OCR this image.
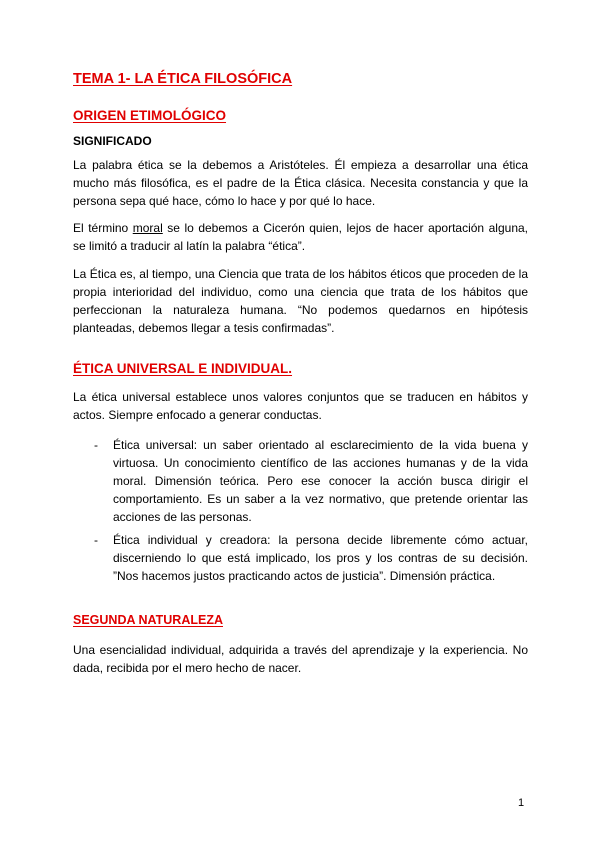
TEMA 1- LA ÉTICA FILOSÓFICA
ORIGEN ETIMOLÓGICO
SIGNIFICADO

La palabra ética se la debemos a Aristóteles. Él empieza a desarrollar una ética mucho más filosófica, es el padre de la Ética clásica. Necesita constancia y que la persona sepa qué hace, cómo lo hace y por qué lo hace.

El término moral se lo debemos a Cicerón quien, lejos de hacer aportación alguna, se limitó a traducir al latín la palabra “ética”.

La Ética es, al tiempo, una Ciencia que trata de los hábitos éticos que proceden de la propia interioridad del individuo, como una ciencia que trata de los hábitos que perfeccionan la naturaleza humana. “No podemos quedarnos en hipótesis planteadas, debemos llegar a tesis confirmadas”.

ÉTICA UNIVERSAL E INDIVIDUAL.

La ética universal establece unos valores conjuntos que se traducen en hábitos y actos. Siempre enfocado a generar conductas.

- Ética universal: un saber orientado al esclarecimiento de la vida buena y virtuosa. Un conocimiento científico de las acciones humanas y de la vida moral. Dimensión teórica. Pero ese conocer la acción busca dirigir el comportamiento. Es un saber a la vez normativo, que pretende orientar las acciones de las personas.
- Ética individual y creadora: la persona decide libremente cómo actuar, discerniendo lo que está implicado, los pros y los contras de su decisión. ”Nos hacemos justos practicando actos de justicia”. Dimensión práctica.
SEGUNDA NATURALEZA

Una esencialidad individual, adquirida a través del aprendizaje y la experiencia. No dada, recibida por el mero hecho de nacer.

1
